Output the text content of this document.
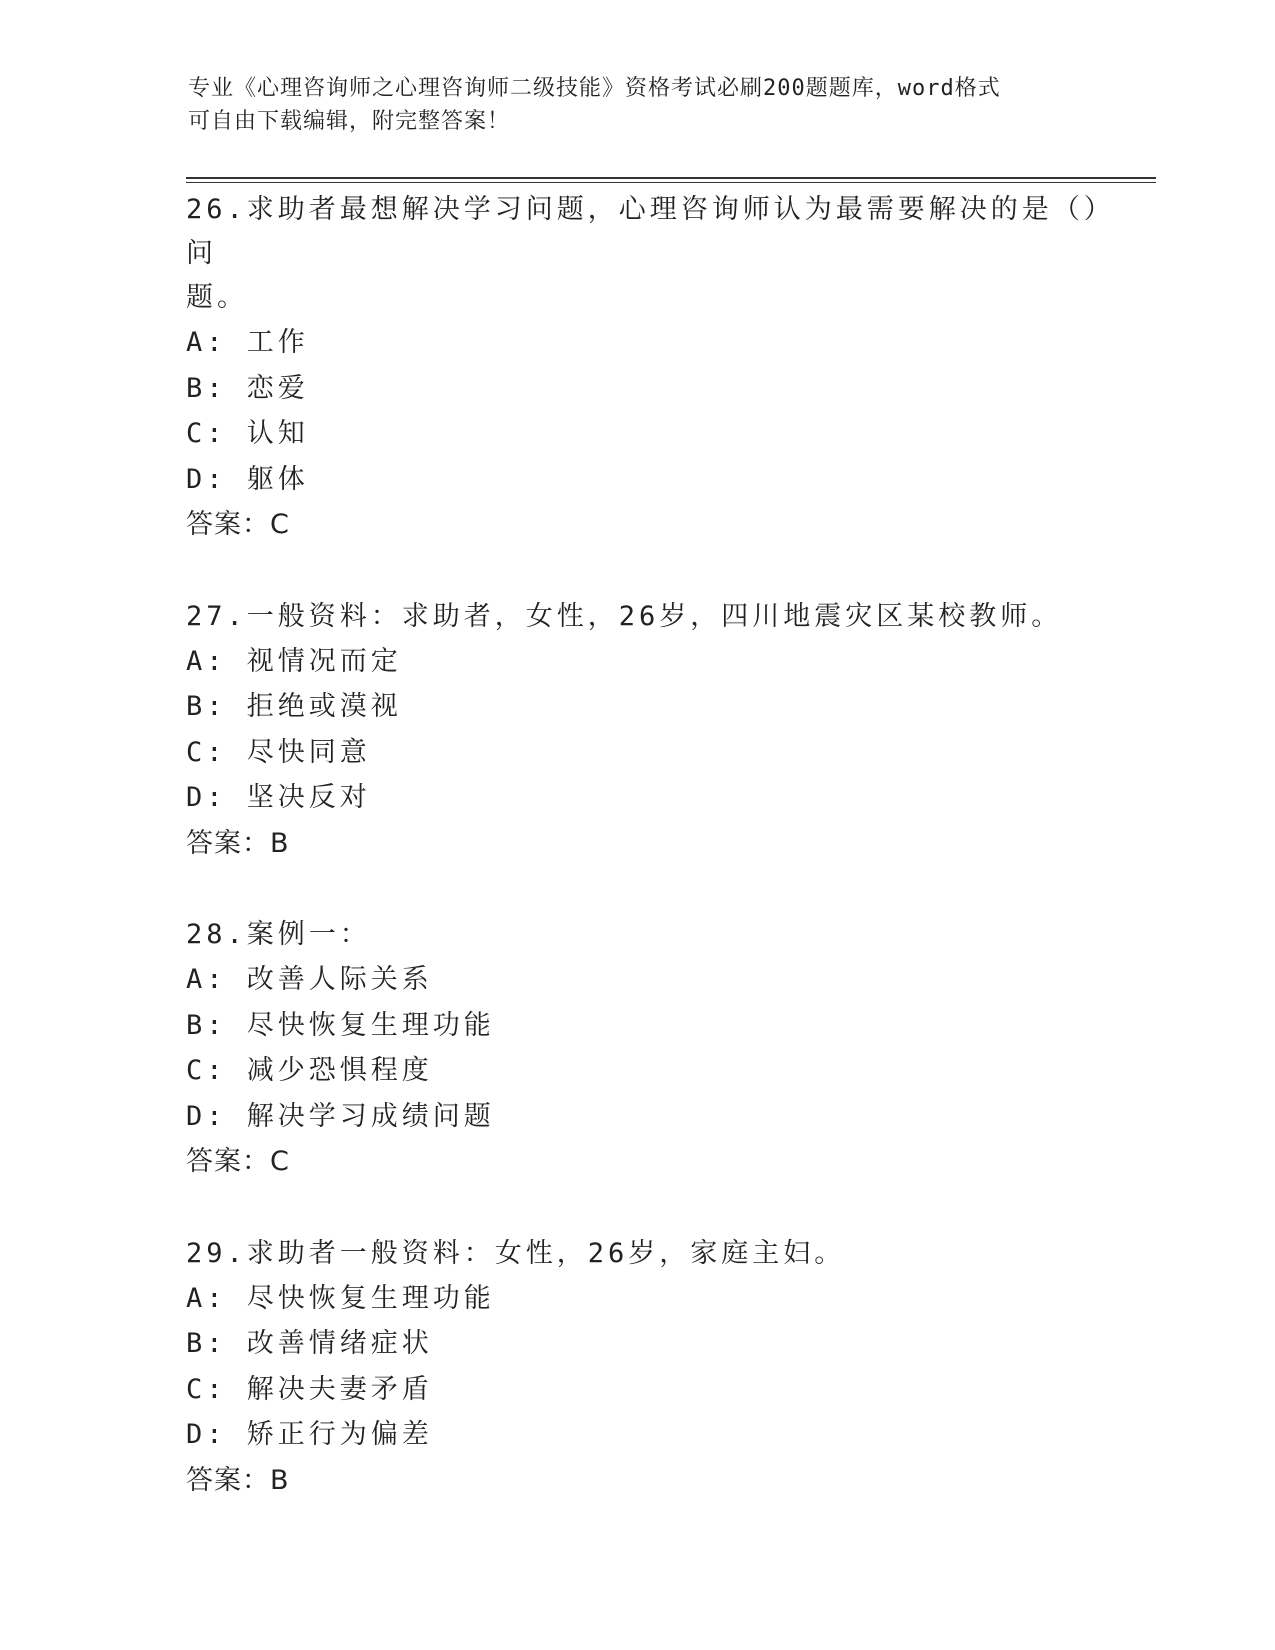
专业《心理咨询师之心理咨询师二级技能》资格考试必刷200题题库，word格式
可自由下载编辑，附完整答案！
26.求助者最想解决学习问题，心理咨询师认为最需要解决的是（）问
题。
A: 工作
B: 恋爱
C: 认知
D: 躯体
答案：C
27.一般资料：求助者，女性，26岁，四川地震灾区某校教师。
A: 视情况而定
B: 拒绝或漠视
C: 尽快同意
D: 坚决反对
答案：B
28.案例一：
A: 改善人际关系
B: 尽快恢复生理功能
C: 减少恐惧程度
D: 解决学习成绩问题
答案：C
29.求助者一般资料：女性，26岁，家庭主妇。
A: 尽快恢复生理功能
B: 改善情绪症状
C: 解决夫妻矛盾
D: 矫正行为偏差
答案：B
